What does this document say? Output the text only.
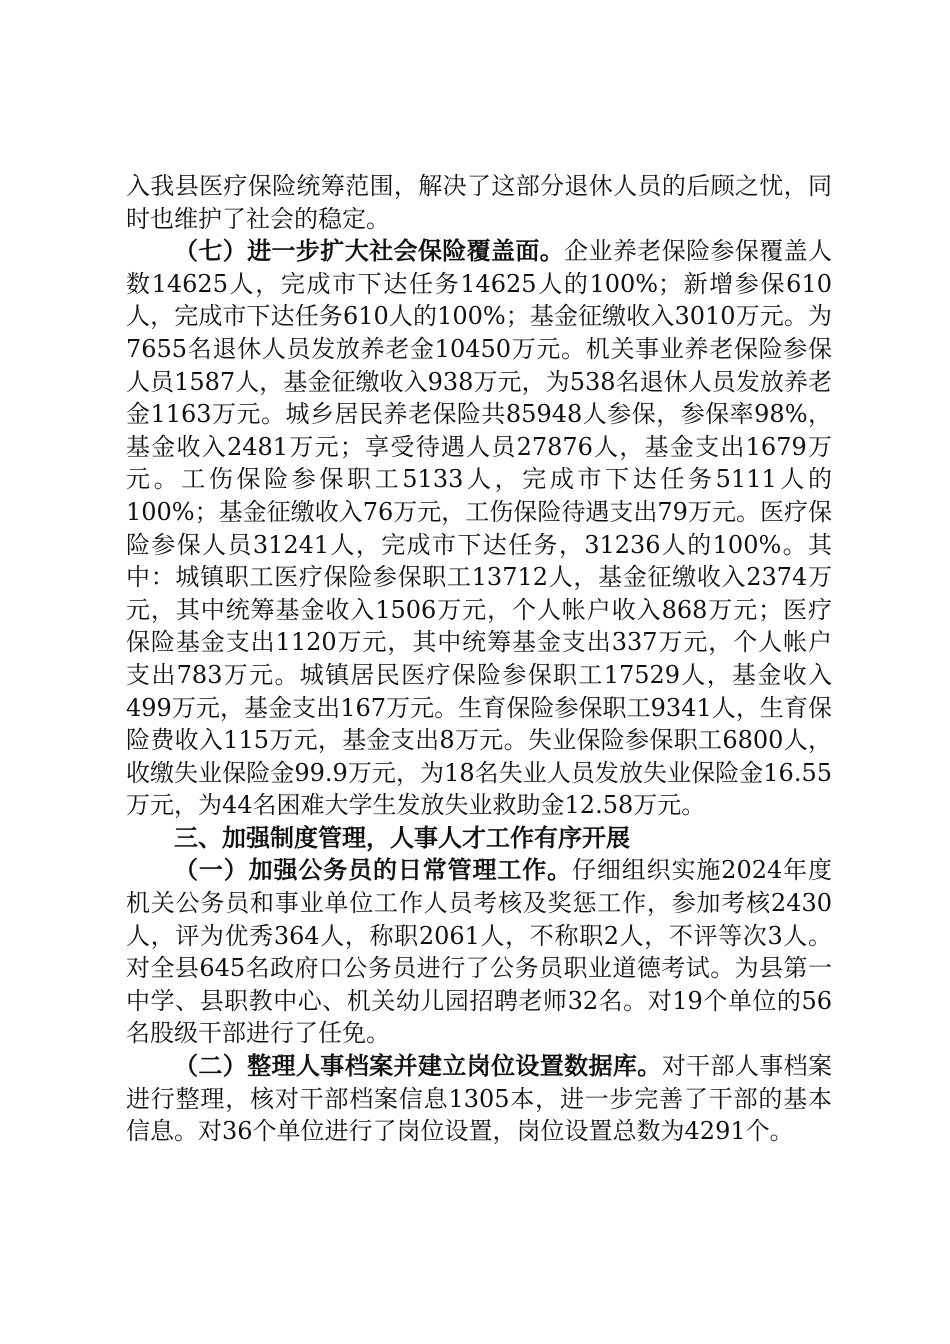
入我县医疗保险统筹范围，解决了这部分退休人员的后顾之忧，同时也维护了社会的稳定。

（七）进一步扩大社会保险覆盖面。企业养老保险参保覆盖人数14625人，完成市下达任务14625人的100%；新增参保610人，完成市下达任务610人的100%；基金征缴收入3010万元。为7655名退休人员发放养老金10450万元。机关事业养老保险参保人员1587人，基金征缴收入938万元，为538名退休人员发放养老金1163万元。城乡居民养老保险共85948人参保，参保率98%，基金收入2481万元；享受待遇人员27876人，基金支出1679万元。工伤保险参保职工5133人，完成市下达任务5111人的100%；基金征缴收入76万元，工伤保险待遇支出79万元。医疗保险参保人员31241人，完成市下达任务，31236人的100%。其中：城镇职工医疗保险参保职工13712人，基金征缴收入2374万元，其中统筹基金收入1506万元，个人帐户收入868万元；医疗保险基金支出1120万元，其中统筹基金支出337万元，个人帐户支出783万元。城镇居民医疗保险参保职工17529人，基金收入499万元，基金支出167万元。生育保险参保职工9341人，生育保险费收入115万元，基金支出8万元。失业保险参保职工6800人，收缴失业保险金99.9万元，为18名失业人员发放失业保险金16.55万元，为44名困难大学生发放失业救助金12.58万元。

三、加强制度管理，人事人才工作有序开展

（一）加强公务员的日常管理工作。仔细组织实施2024年度机关公务员和事业单位工作人员考核及奖惩工作，参加考核2430人，评为优秀364人，称职2061人，不称职2人，不评等次3人。对全县645名政府口公务员进行了公务员职业道德考试。为县第一中学、县职教中心、机关幼儿园招聘老师32名。对19个单位的56名股级干部进行了任免。

（二）整理人事档案并建立岗位设置数据库。对干部人事档案进行整理，核对干部档案信息1305本，进一步完善了干部的基本信息。对36个单位进行了岗位设置，岗位设置总数为4291个。
